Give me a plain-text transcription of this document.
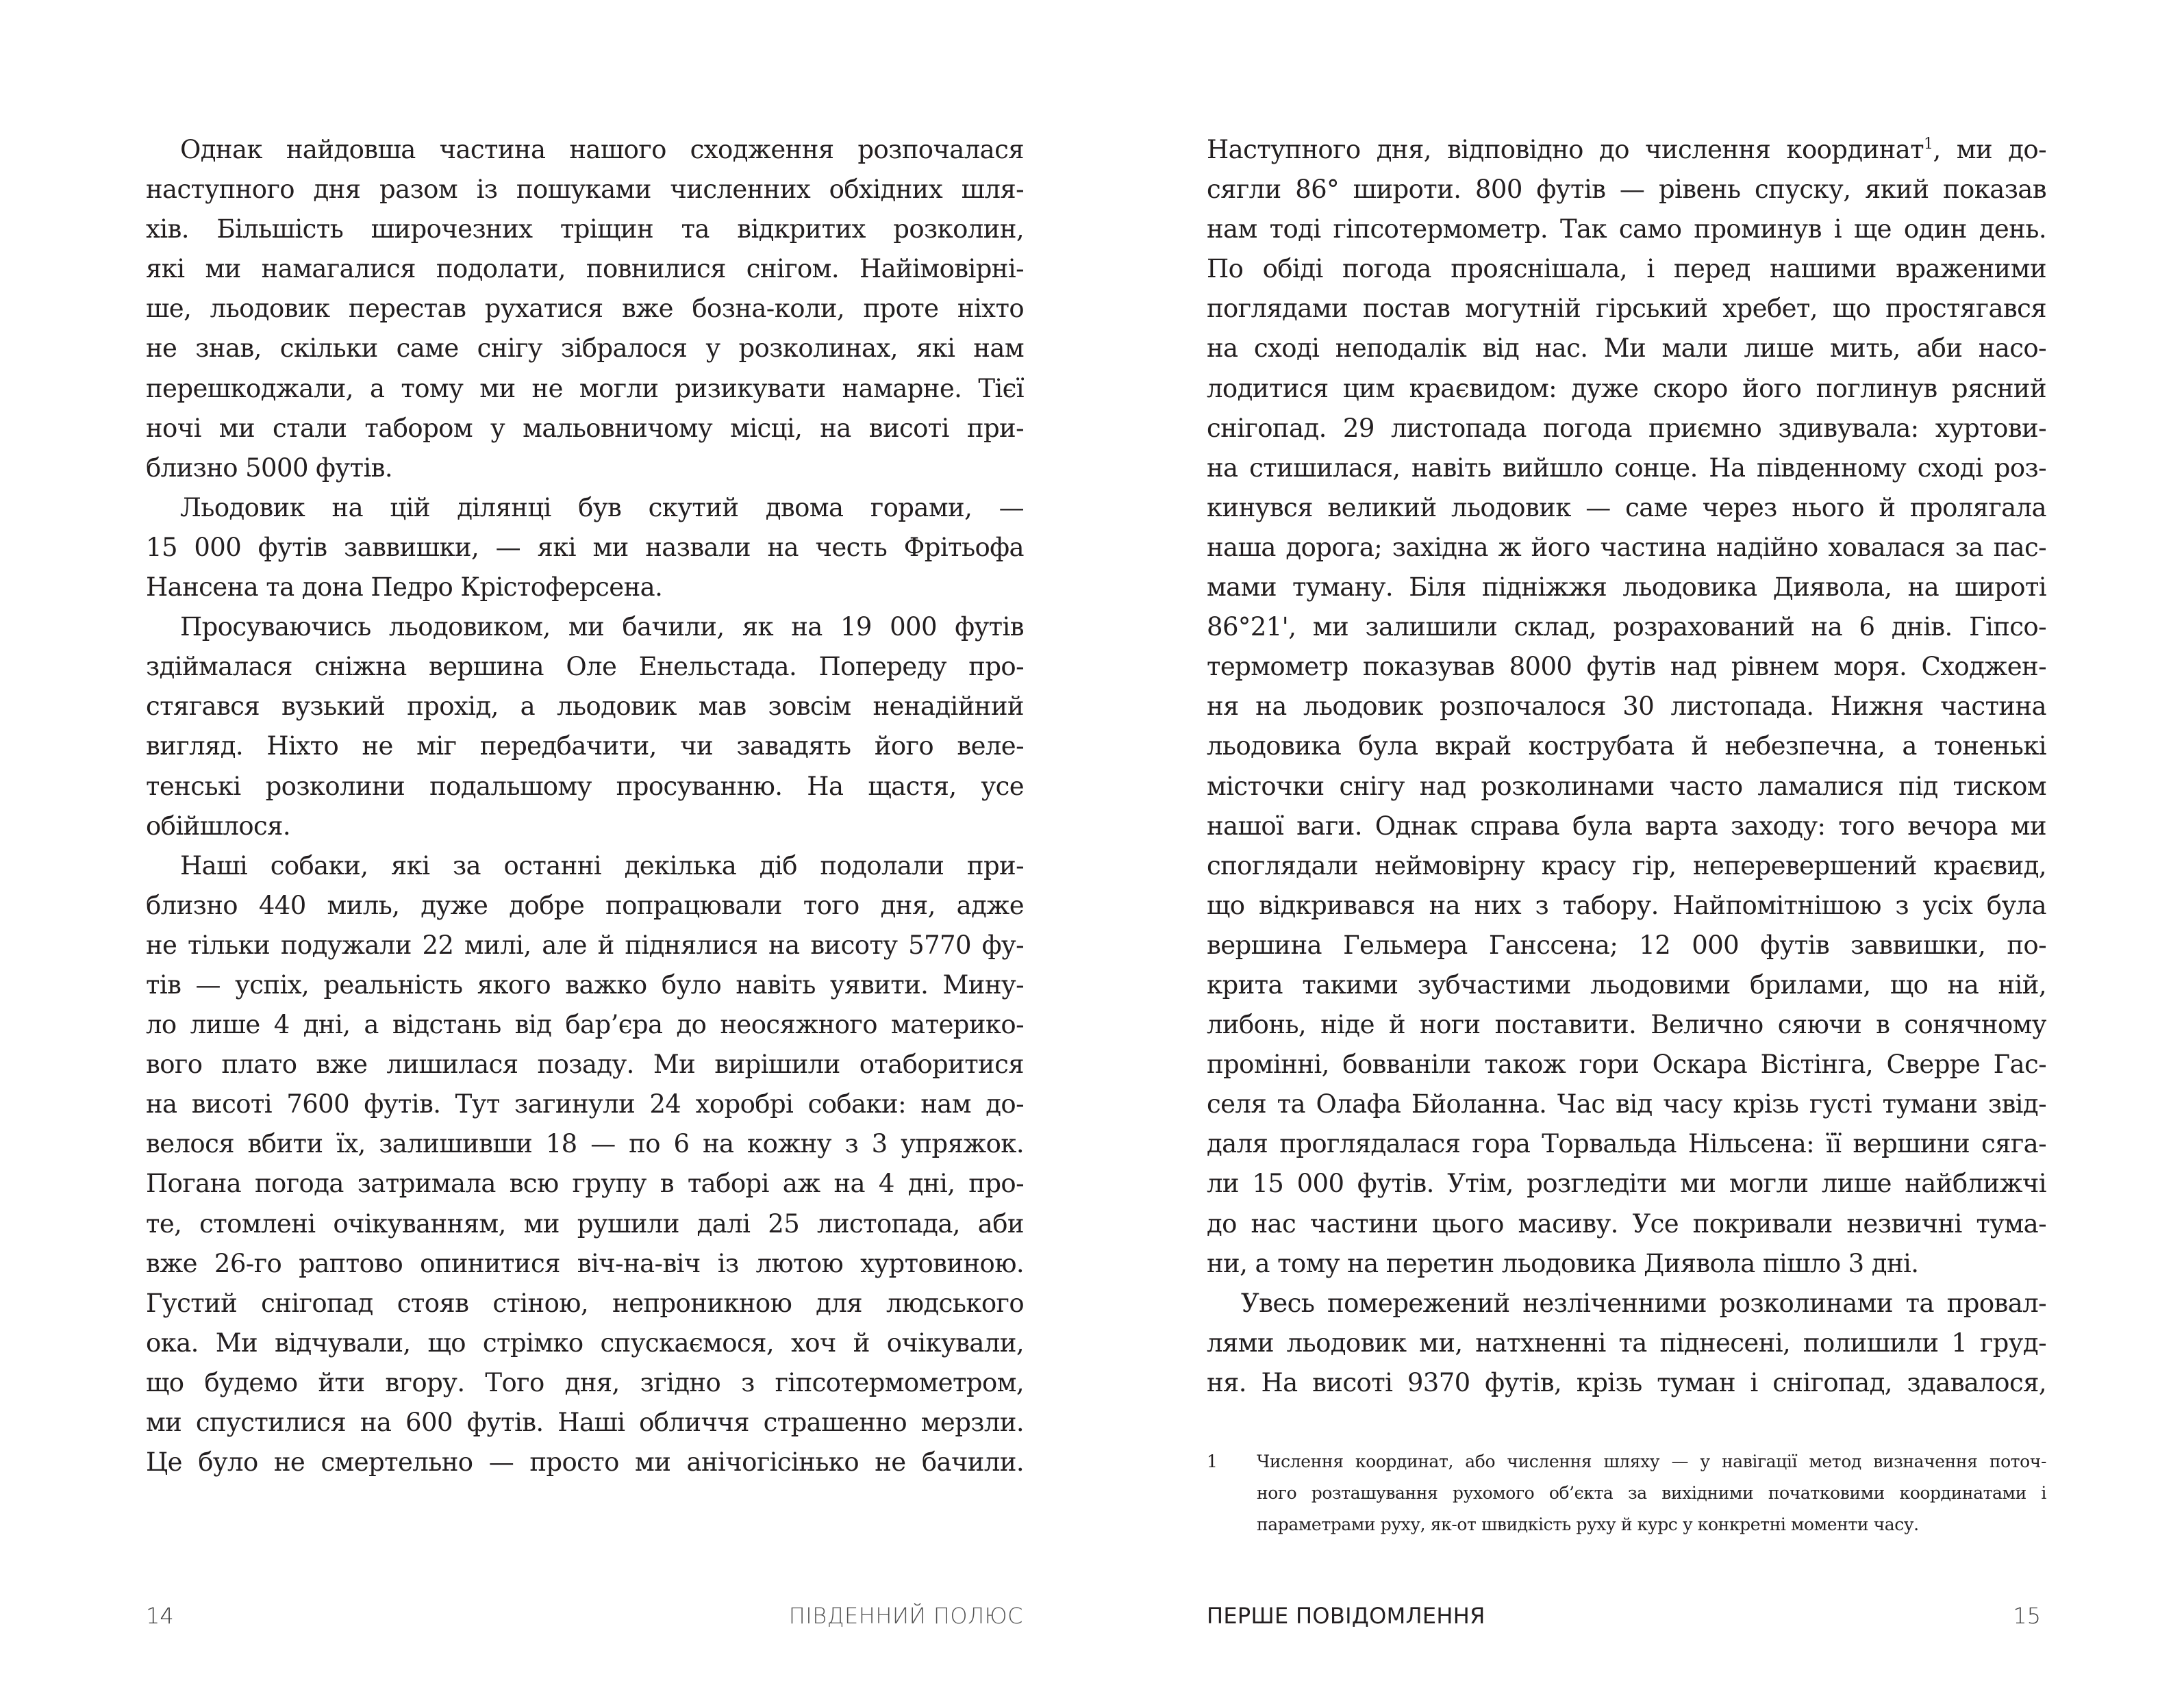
Однак найдовша частина нашого сходження розпочалася
наступного дня разом із пошуками численних обхідних шля-
хів. Більшість широчезних тріщин та відкритих розколин,
які ми намагалися подолати, повнилися снігом. Найімовірні-
ше, льодовик перестав рухатися вже бозна-коли, проте ніхто
не знав, скільки саме снігу зібралося у розколинах, які нам
перешкоджали, а тому ми не могли ризикувати намарне. Тієї
ночі ми стали табором у мальовничому місці, на висоті при-
близно 5000 футів.
Льодовик на цій ділянці був скутий двома горами, —
15 000 футів заввишки, — які ми назвали на честь Фрітьофа
Нансена та дона Педро Крістоферсена.
Просуваючись льодовиком, ми бачили, як на 19 000 футів
здіймалася сніжна вершина Оле Енельстада. Попереду про-
стягався вузький прохід, а льодовик мав зовсім ненадійний
вигляд. Ніхто не міг передбачити, чи завадять його веле-
тенські розколини подальшому просуванню. На щастя, усе
обійшлося.
Наші собаки, які за останні декілька діб подолали при-
близно 440 миль, дуже добре попрацювали того дня, адже
не тільки подужали 22 милі, але й піднялися на висоту 5770 фу-
тів — успіх, реальність якого важко було навіть уявити. Мину-
ло лише 4 дні, а відстань від бар’єра до неосяжного материко-
вого плато вже лишилася позаду. Ми вирішили отаборитися
на висоті 7600 футів. Тут загинули 24 хоробрі собаки: нам до-
велося вбити їх, залишивши 18 — по 6 на кожну з 3 упряжок.
Погана погода затримала всю групу в таборі аж на 4 дні, про-
те, стомлені очікуванням, ми рушили далі 25 листопада, аби
вже 26-го раптово опинитися віч-на-віч із лютою хуртовиною.
Густий снігопад стояв стіною, непроникною для людського
ока. Ми відчували, що стрімко спускаємося, хоч й очікували,
що будемо йти вгору. Того дня, згідно з гіпсотермометром,
ми спустилися на 600 футів. Наші обличчя страшенно мерзли.
Це було не смертельно — просто ми анічогісінько не бачили.
14	ПІВДЕННИЙ ПОЛЮС
Наступного дня, відповідно до числення координат$^1$, ми до-
сягли 86° широти. 800 футів — рівень спуску, який показав
нам тоді гіпсотермометр. Так само проминув і ще один день.
По обіді погода прояснішала, і перед нашими враженими
поглядами постав могутній гірський хребет, що простягався
на сході неподалік від нас. Ми мали лише мить, аби насо-
лодитися цим краєвидом: дуже скоро його поглинув рясний
снігопад. 29 листопада погода приємно здивувала: хуртови-
на стишилася, навіть вийшло сонце. На південному сході роз-
кинувся великий льодовик — саме через нього й пролягала
наша дорога; західна ж його частина надійно ховалася за пас-
мами туману. Біля підніжжя льодовика Диявола, на широті
86°21', ми залишили склад, розрахований на 6 днів. Гіпсо-
термометр показував 8000 футів над рівнем моря. Сходжен-
ня на льодовик розпочалося 30 листопада. Нижня частина
льодовика була вкрай кострубата й небезпечна, а тоненькі
місточки снігу над розколинами часто ламалися під тиском
нашої ваги. Однак справа була варта заходу: того вечора ми
споглядали неймовірну красу гір, неперевершений краєвид,
що відкривався на них з табору. Найпомітнішою з усіх була
вершина Гельмера Ганссена; 12 000 футів заввишки, по-
крита такими зубчастими льодовими брилами, що на ній,
либонь, ніде й ноги поставити. Велично сяючи в сонячному
промінні, бовваніли також гори Оскара Вістінга, Сверре Гас-
селя та Олафа Бйоланна. Час від часу крізь густі тумани звід-
даля проглядалася гора Торвальда Нільсена: її вершини сяга-
ли 15 000 футів. Утім, розгледіти ми могли лише найближчі
до нас частини цього масиву. Усе покривали незвичні тума-
ни, а тому на перетин льодовика Диявола пішло 3 дні.
Увесь помережений незліченними розколинами та провал-
лями льодовик ми, натхненні та піднесені, полишили 1 груд-
ня. На висоті 9370 футів, крізь туман і снігопад, здавалося,
1	Числення координат, або числення шляху — у навігації метод визначення поточ-
ного розташування рухомого об’єкта за вихідними початковими координатами і
параметрами руху, як-от швидкість руху й курс у конкретні моменти часу.
ПЕРШЕ ПОВІДОМЛЕННЯ	15
